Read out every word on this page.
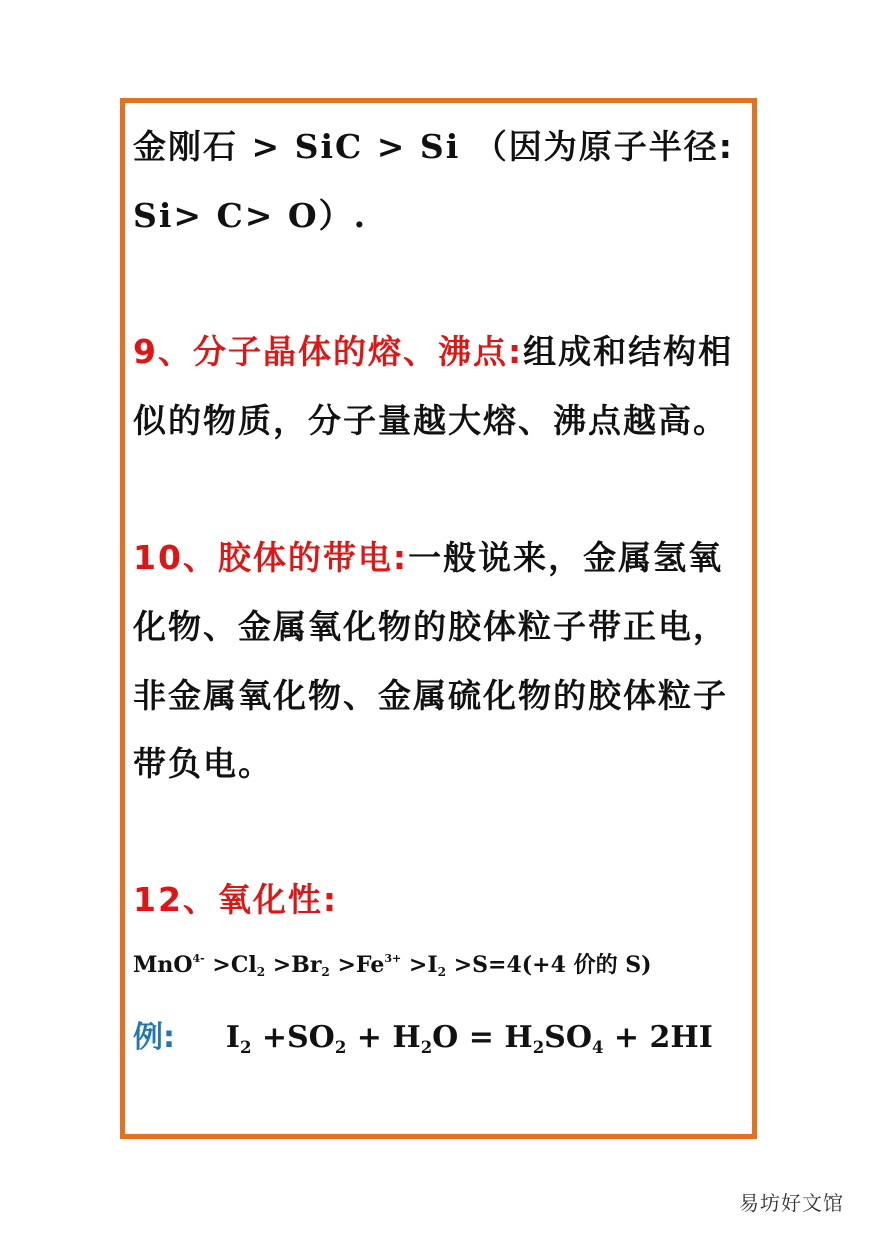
金刚石 > SiC > Si （因为原子半径:
Si> C> O）.
9、分子晶体的熔、沸点:组成和结构相
似的物质，分子量越大熔、沸点越高。
10、胶体的带电:一般说来，金属氢氧
化物、金属氧化物的胶体粒子带正电，
非金属氧化物、金属硫化物的胶体粒子
带负电。
12、氧化性:
$MnO^{4-} >Cl_2 >Br_2 >Fe^{3+} >I_2 >S=4(+4$ 价的 S)
例: $I_2 +SO_2 + H_2O = H_2SO_4 + 2HI$
易坊好文馆
